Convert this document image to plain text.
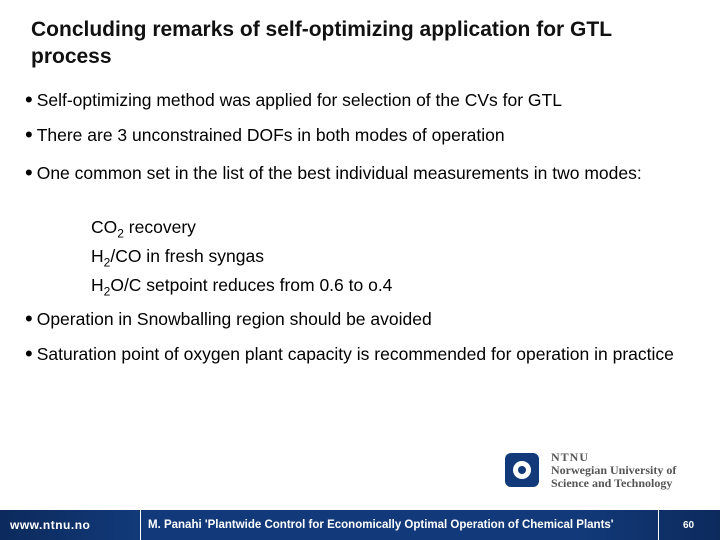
Concluding remarks of self-optimizing application for GTL process
• Self-optimizing method was applied for selection of the CVs for GTL
• There are 3 unconstrained DOFs in both modes of operation
• One common set in the list of the best individual measurements in two modes:
$CO_2$ recovery
$H_2/CO$ in fresh syngas
$H_2O/C$ setpoint reduces from 0.6 to o.4
• Operation in Snowballing region should be avoided
• Saturation point of oxygen plant capacity is recommended for operation in practice
NTNU
Norwegian University of
Science and Technology
www.ntnu.no	M. Panahi 'Plantwide Control for Economically Optimal Operation of Chemical Plants'	60
